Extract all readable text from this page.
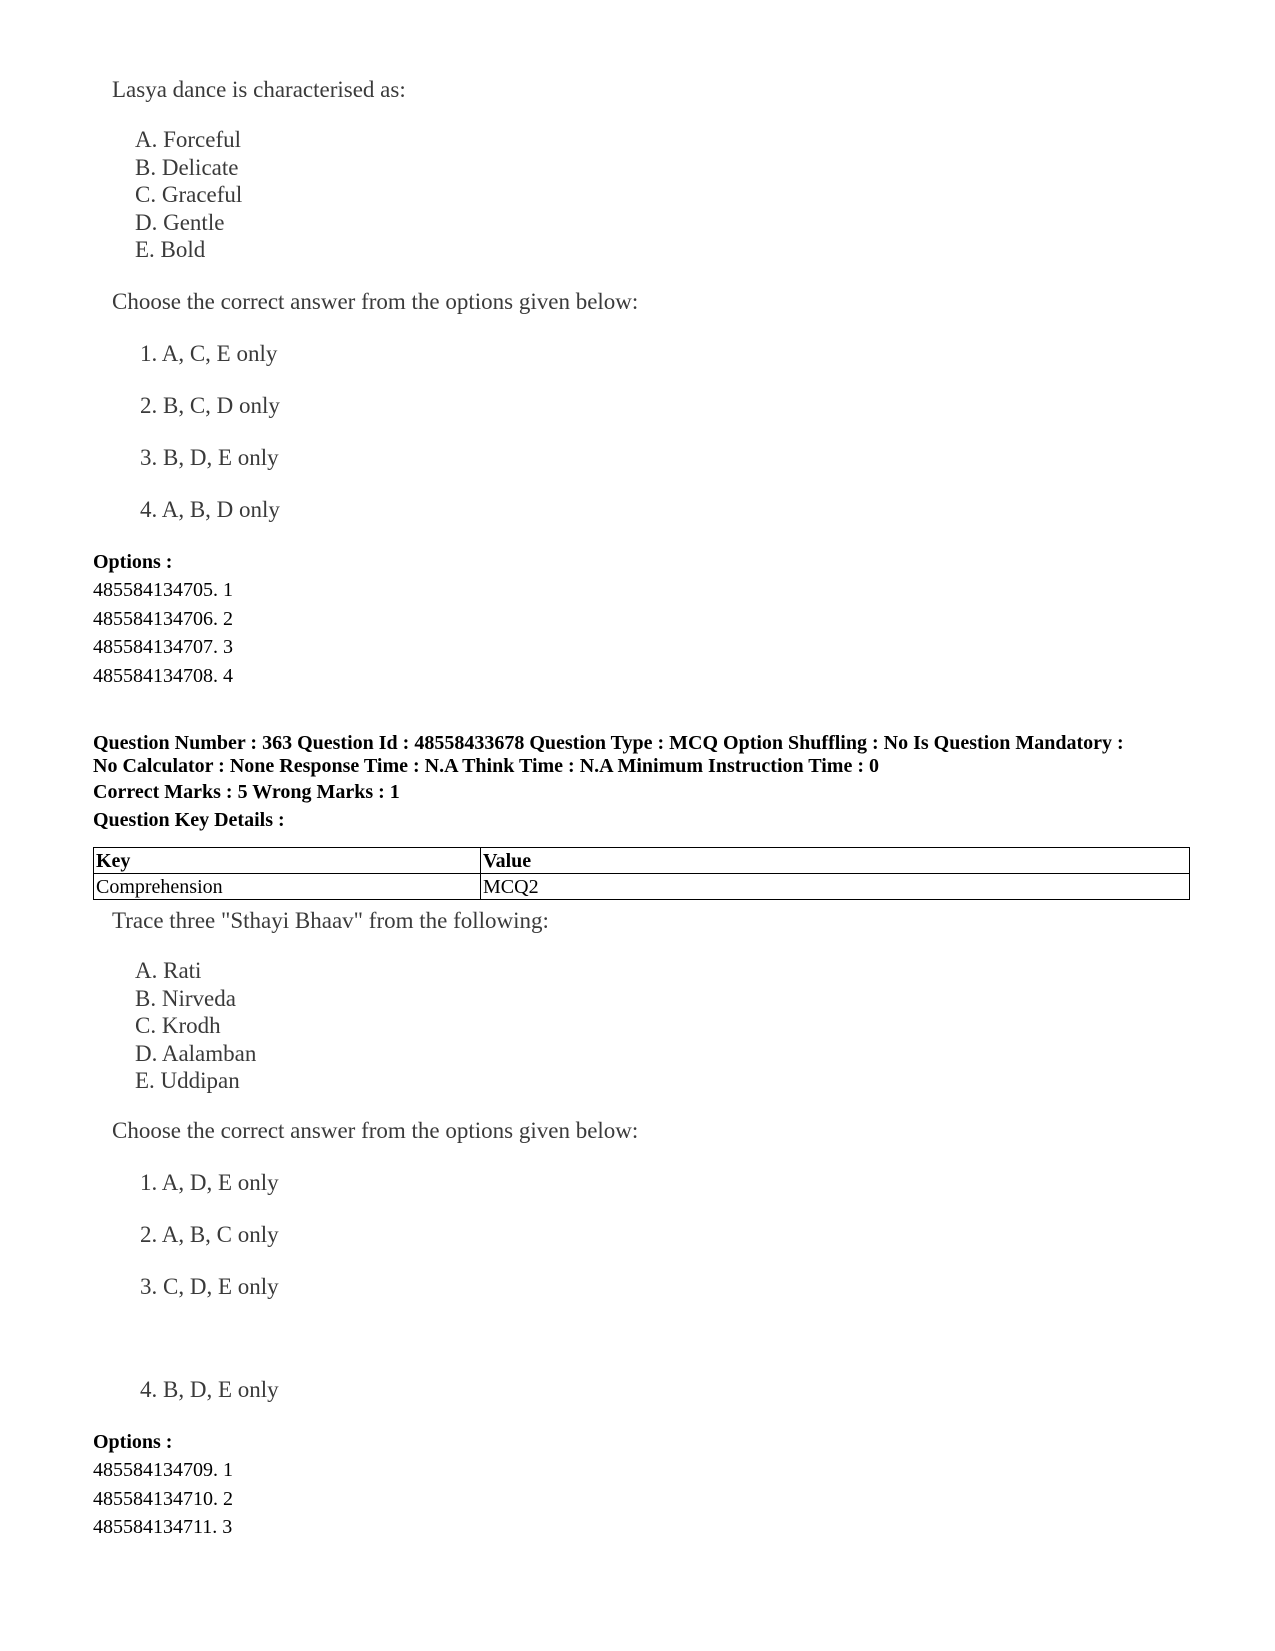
Lasya dance is characterised as:
A. Forceful
B. Delicate
C. Graceful
D. Gentle
E. Bold
Choose the correct answer from the options given below:
1. A, C, E only
2. B, C, D only
3. B, D, E only
4. A, B, D only
Options :
485584134705. 1
485584134706. 2
485584134707. 3
485584134708. 4
Question Number : 363 Question Id : 48558433678 Question Type : MCQ Option Shuffling : No Is Question Mandatory :
No Calculator : None Response Time : N.A Think Time : N.A Minimum Instruction Time : 0
Correct Marks : 5 Wrong Marks : 1
Question Key Details :
Key	Value
Comprehension	MCQ2
Trace three "Sthayi Bhaav" from the following:
A. Rati
B. Nirveda
C. Krodh
D. Aalamban
E. Uddipan
Choose the correct answer from the options given below:
1. A, D, E only
2. A, B, C only
3. C, D, E only
4. B, D, E only
Options :
485584134709. 1
485584134710. 2
485584134711. 3
